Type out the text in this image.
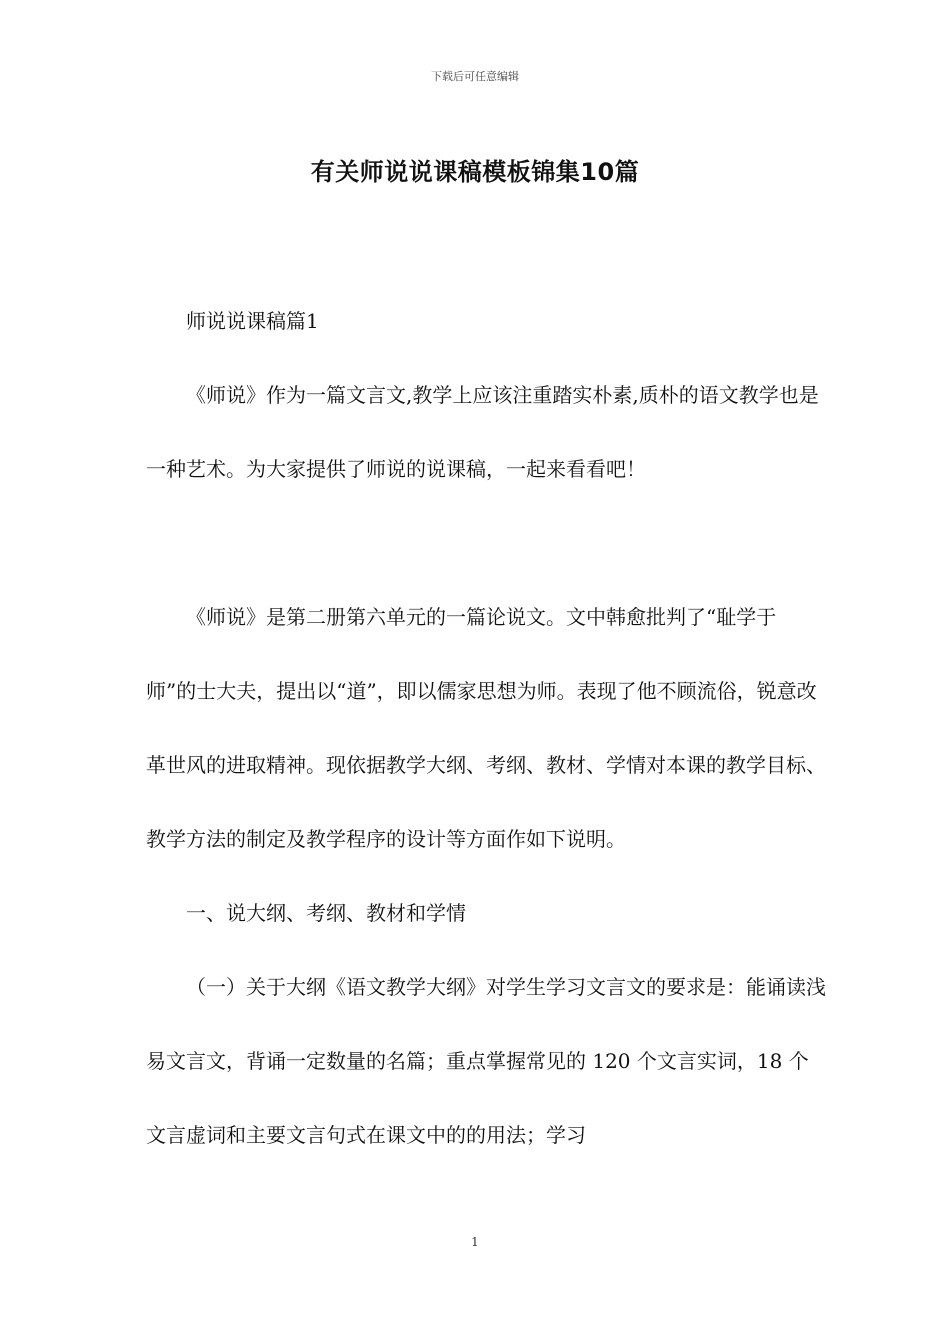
下载后可任意编辑
有关师说说课稿模板锦集10篇

师说说课稿篇1

《师说》作为一篇文言文,教学上应该注重踏实朴素,质朴的语文教学也是一种艺术。为大家提供了师说的说课稿，一起来看看吧！

《师说》是第二册第六单元的一篇论说文。文中韩愈批判了“耻学于师”的士大夫，提出以“道”，即以儒家思想为师。表现了他不顾流俗，锐意改革世风的进取精神。现依据教学大纲、考纲、教材、学情对本课的教学目标、教学方法的制定及教学程序的设计等方面作如下说明。

一、说大纲、考纲、教材和学情

（一）关于大纲《语文教学大纲》对学生学习文言文的要求是：能诵读浅易文言文，背诵一定数量的名篇；重点掌握常见的 120 个文言实词，18 个文言虚词和主要文言句式在课文中的的用法；学习

1
